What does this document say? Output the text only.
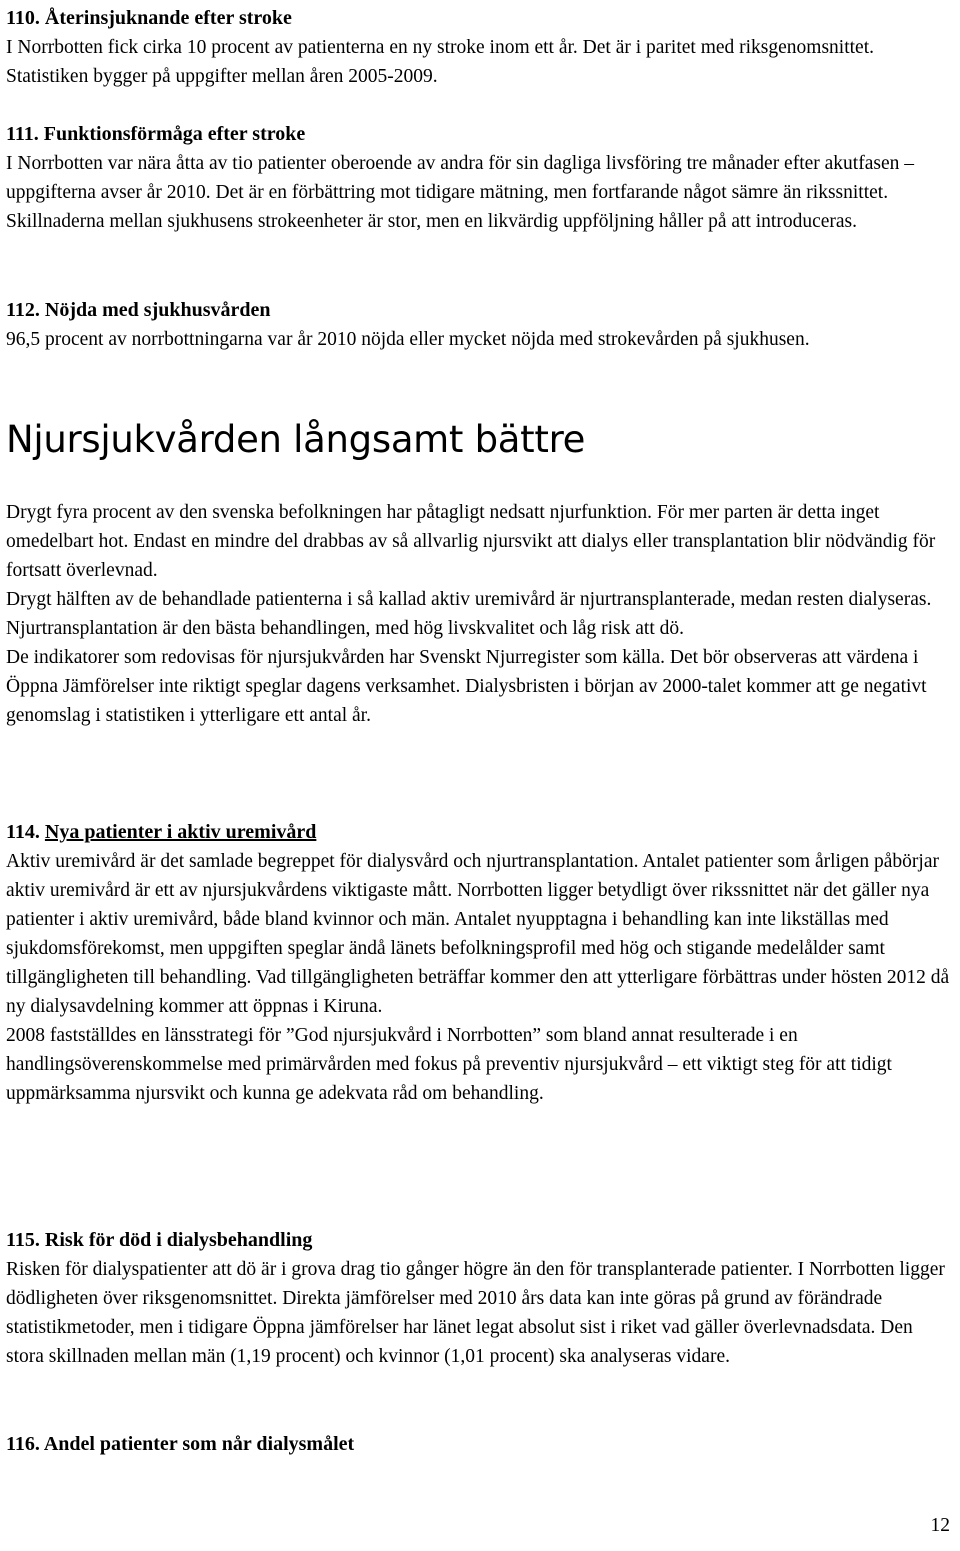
110. Återinsjuknande efter stroke

I Norrbotten fick cirka 10 procent av patienterna en ny stroke inom ett år. Det är i paritet med riksgenomsnittet. Statistiken bygger på uppgifter mellan åren 2005-2009.

111. Funktionsförmåga efter stroke

I Norrbotten var nära åtta av tio patienter oberoende av andra för sin dagliga livsföring tre månader efter akutfasen – uppgifterna avser år 2010. Det är en förbättring mot tidigare mätning, men fortfarande något sämre än rikssnittet. Skillnaderna mellan sjukhusens strokeenheter är stor, men en likvärdig uppföljning håller på att introduceras.

112. Nöjda med sjukhusvården

96,5 procent av norrbottningarna var år 2010 nöjda eller mycket nöjda med strokevården på sjukhusen.

Njursjukvården långsamt bättre

Drygt fyra procent av den svenska befolkningen har påtagligt nedsatt njurfunktion. För mer parten är detta inget omedelbart hot. Endast en mindre del drabbas av så allvarlig njursvikt att dialys eller transplantation blir nödvändig för fortsatt överlevnad.

Drygt hälften av de behandlade patienterna i så kallad aktiv uremivård är njurtransplanterade, medan resten dialyseras. Njurtransplantation är den bästa behandlingen, med hög livskvalitet och låg risk att dö.

De indikatorer som redovisas för njursjukvården har Svenskt Njurregister som källa. Det bör observeras att värdena i Öppna Jämförelser inte riktigt speglar dagens verksamhet. Dialysbristen i början av 2000-talet kommer att ge negativt genomslag i statistiken i ytterligare ett antal år.

114. Nya patienter i aktiv uremivård

Aktiv uremivård är det samlade begreppet för dialysvård och njurtransplantation. Antalet patienter som årligen påbörjar aktiv uremivård är ett av njursjukvårdens viktigaste mått. Norrbotten ligger betydligt över rikssnittet när det gäller nya patienter i aktiv uremivård, både bland kvinnor och män. Antalet nyupptagna i behandling kan inte likställas med sjukdomsförekomst, men uppgiften speglar ändå länets befolkningsprofil med hög och stigande medelålder samt tillgängligheten till behandling. Vad tillgängligheten beträffar kommer den att ytterligare förbättras under hösten 2012 då ny dialysavdelning kommer att öppnas i Kiruna.

2008 fastställdes en länsstrategi för ”God njursjukvård i Norrbotten” som bland annat resulterade i en handlingsöverenskommelse med primärvården med fokus på preventiv njursjukvård – ett viktigt steg för att tidigt uppmärksamma njursvikt och kunna ge adekvata råd om behandling.

115. Risk för död i dialysbehandling

Risken för dialyspatienter att dö är i grova drag tio gånger högre än den för transplanterade patienter. I Norrbotten ligger dödligheten över riksgenomsnittet. Direkta jämförelser med 2010 års data kan inte göras på grund av förändrade statistikmetoder, men i tidigare Öppna jämförelser har länet legat absolut sist i riket vad gäller överlevnadsdata. Den stora skillnaden mellan män (1,19 procent) och kvinnor (1,01 procent) ska analyseras vidare.

116. Andel patienter som når dialysmålet

12
